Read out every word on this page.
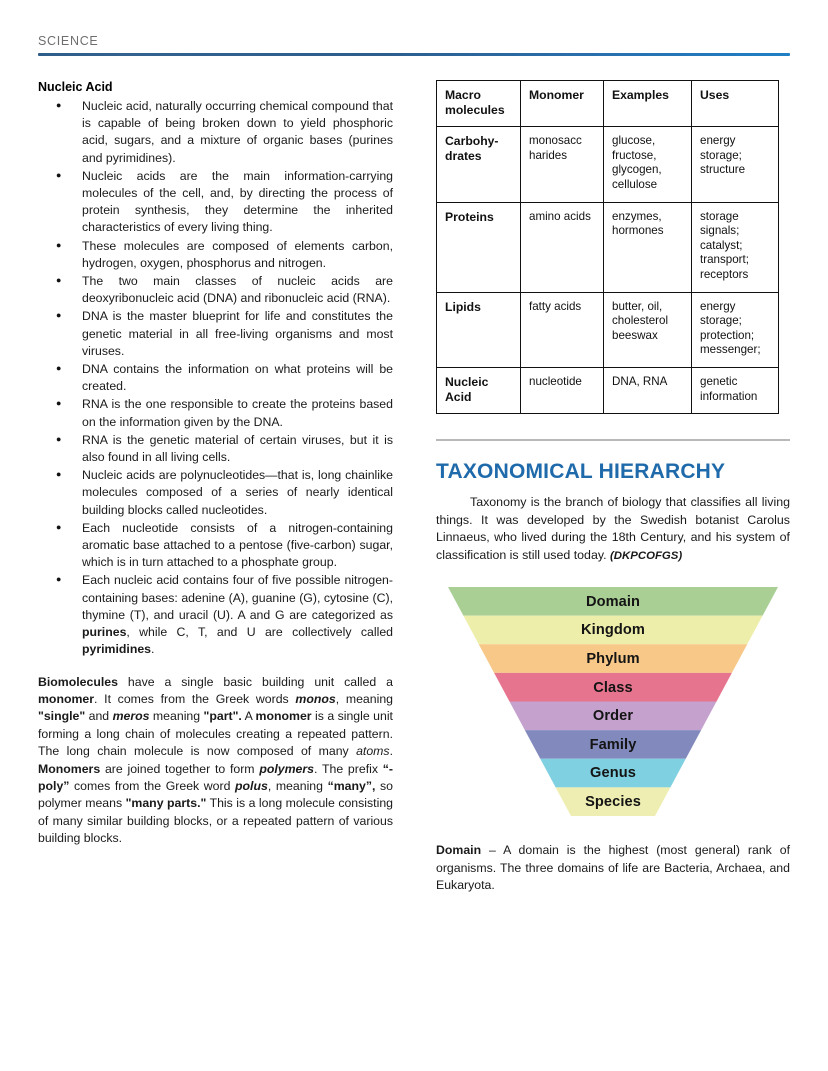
SCIENCE
Nucleic Acid
● Nucleic acid, naturally occurring chemical compound that is capable of being broken down to yield phosphoric acid, sugars, and a mixture of organic bases (purines and pyrimidines).
● Nucleic acids are the main information-carrying molecules of the cell, and, by directing the process of protein synthesis, they determine the inherited characteristics of every living thing.
● These molecules are composed of elements carbon, hydrogen, oxygen, phosphorus and nitrogen.
● The two main classes of nucleic acids are deoxyribonucleic acid (DNA) and ribonucleic acid (RNA).
● DNA is the master blueprint for life and constitutes the genetic material in all free-living organisms and most viruses.
● DNA contains the information on what proteins will be created.
● RNA is the one responsible to create the proteins based on the information given by the DNA.
● RNA is the genetic material of certain viruses, but it is also found in all living cells.
● Nucleic acids are polynucleotides—that is, long chainlike molecules composed of a series of nearly identical building blocks called nucleotides.
● Each nucleotide consists of a nitrogen-containing aromatic base attached to a pentose (five-carbon) sugar, which is in turn attached to a phosphate group.
● Each nucleic acid contains four of five possible nitrogen-containing bases: adenine (A), guanine (G), cytosine (C), thymine (T), and uracil (U). A and G are categorized as purines, while C, T, and U are collectively called pyrimidines.

Biomolecules have a single basic building unit called a monomer. It comes from the Greek words monos, meaning "single" and meros meaning "part". A monomer is a single unit forming a long chain of molecules creating a repeated pattern. The long chain molecule is now composed of many atoms. Monomers are joined together to form polymers. The prefix “-poly” comes from the Greek word polus, meaning “many”, so polymer means "many parts." This is a long molecule consisting of many similar building blocks, or a repeated pattern of various building blocks.

Macro molecules	Monomer	Examples	Uses
Carbohy-drates	monosacc harides	glucose, fructose, glycogen, cellulose	energy storage; structure
Proteins	amino acids	enzymes, hormones	storage signals; catalyst; transport; receptors
Lipids	fatty acids	butter, oil, cholesterol beeswax	energy storage; protection; messenger;
Nucleic Acid	nucleotide	DNA, RNA	genetic information
TAXONOMICAL HIERARCHY

Taxonomy is the branch of biology that classifies all living things. It was developed by the Swedish botanist Carolus Linnaeus, who lived during the 18th Century, and his system of classification is still used today. (DKPCOFGS)

Domain
Kingdom
Phylum
Class
Order
Family
Genus
Species

Domain – A domain is the highest (most general) rank of organisms. The three domains of life are Bacteria, Archaea, and Eukaryota.
